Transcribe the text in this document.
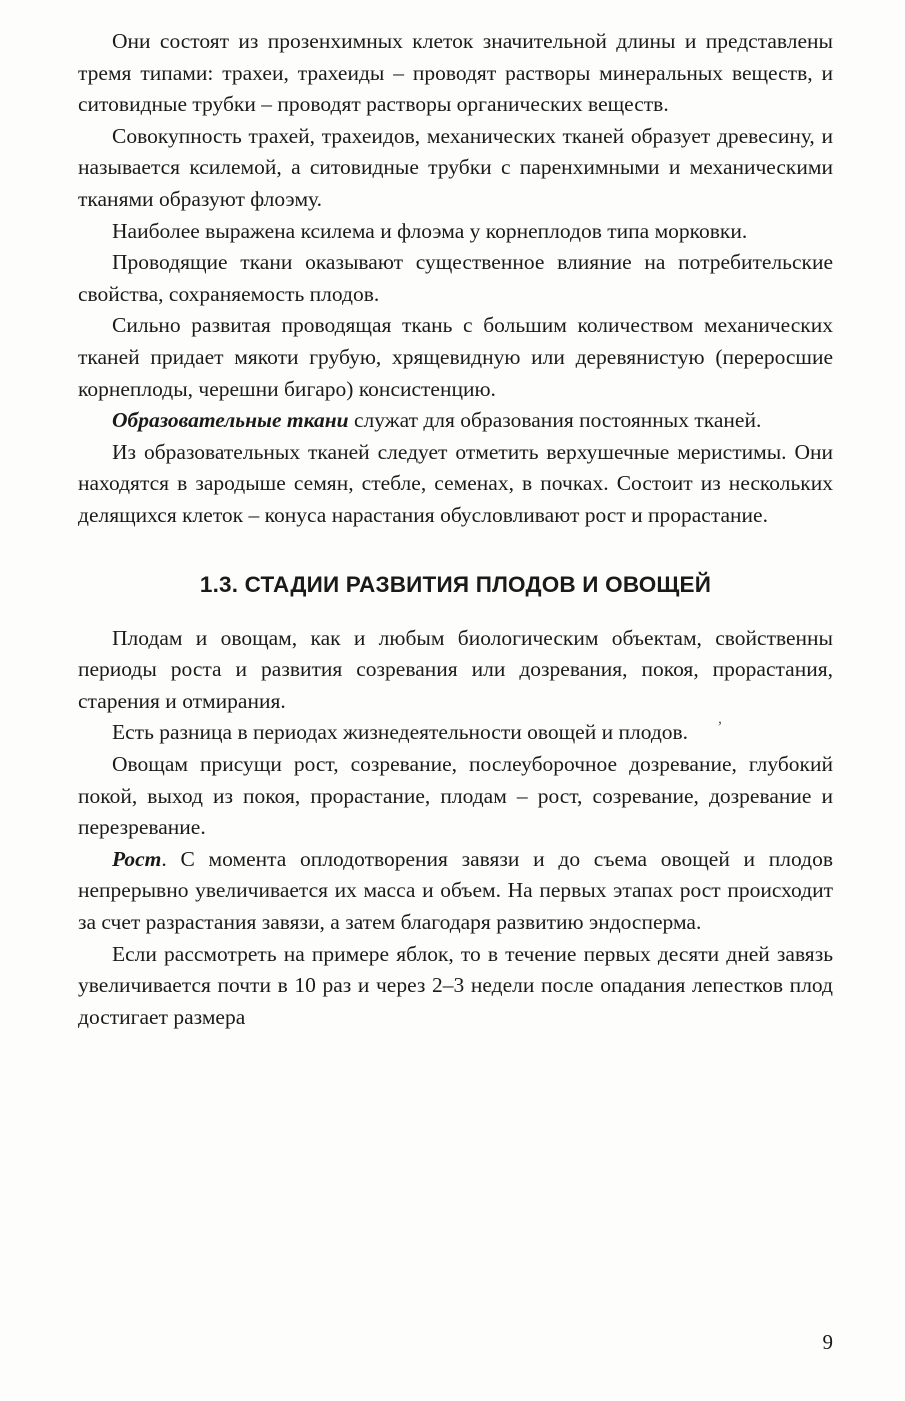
Они состоят из прозенхимных клеток значительной длины и представлены тремя типами: трахеи, трахеиды – проводят растворы минеральных веществ, и ситовидные трубки – проводят растворы органических веществ.

Совокупность трахей, трахеидов, механических тканей образует древесину, и называется ксилемой, а ситовидные трубки с паренхимными и механическими тканями образуют флоэму.

Наиболее выражена ксилема и флоэма у корнеплодов типа морковки.

Проводящие ткани оказывают существенное влияние на потребительские свойства, сохраняемость плодов.

Сильно развитая проводящая ткань с большим количеством механических тканей придает мякоти грубую, хрящевидную или деревянистую (переросшие корнеплоды, черешни бигаро) консистенцию.

Образовательные ткани служат для образования постоянных тканей.

Из образовательных тканей следует отметить верхушечные меристимы. Они находятся в зародыше семян, стебле, семенах, в почках. Состоит из нескольких делящихся клеток – конуса нарастания обусловливают рост и прорастание.

1.3. СТАДИИ РАЗВИТИЯ ПЛОДОВ И ОВОЩЕЙ

Плодам и овощам, как и любым биологическим объектам, свойственны периоды роста и развития созревания или дозревания, покоя, прорастания, старения и отмирания.

Есть разница в периодах жизнедеятельности овощей и плодов.

Овощам присущи рост, созревание, послеуборочное дозревание, глубокий покой, выход из покоя, прорастание, плодам – рост, созревание, дозревание и перезревание.

Рост. С момента оплодотворения завязи и до съема овощей и плодов непрерывно увеличивается их масса и объем. На первых этапах рост происходит за счет разрастания завязи, а затем благодаря развитию эндосперма.

Если рассмотреть на примере яблок, то в течение первых десяти дней завязь увеличивается почти в 10 раз и через 2–3 недели после опадания лепестков плод достигает размера

,
9
